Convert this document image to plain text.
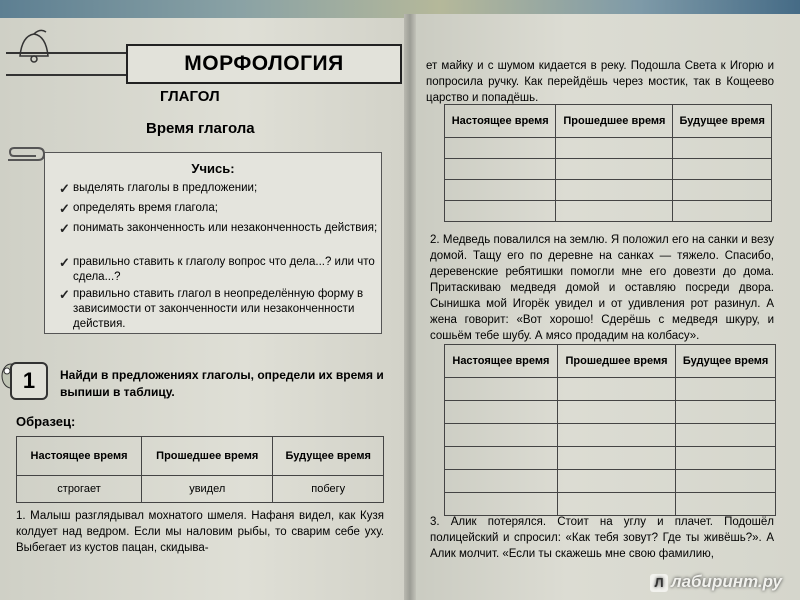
МОРФОЛОГИЯ
ГЛАГОЛ
Время глагола
Учись:
✓ выделять глаголы в предложении;
✓ определять время глагола;
✓ понимать законченность или незаконченность действия;
✓ правильно ставить к глаголу вопрос что дела...? или что сдела...?
✓ правильно ставить глагол в неопределённую форму в зависимости от законченности или незаконченности действия.
1	Найди в предложениях глаголы, определи их время и выпиши в таблицу.
Образец:
Настоящее время	Прошедшее время	Будущее время
строгает	увидел	побегу
1. Малыш разглядывал мохнатого шмеля. Нафаня видел, как Кузя колдует над ведром. Если мы наловим рыбы, то сварим себе уху. Выбегает из кустов пацан, скидыва-
ет майку и с шумом кидается в реку. Подошла Света к Игорю и попросила ручку. Как перейдёшь через мостик, так в Кощеево царство и попадёшь.
Настоящее время	Прошедшее время	Будущее время

2. Медведь повалился на землю. Я положил его на санки и везу домой. Тащу его по деревне на санках — тяжело. Спасибо, деревенские ребятишки помогли мне его довезти до дома. Притаскиваю медведя домой и оставляю посреди двора. Сынишка мой Игорёк увидел и от удивления рот разинул. А жена говорит: «Вот хорошо! Сдерёшь с медведя шкуру, и сошьём тебе шубу. А мясо продадим на колбасу».
Настоящее время	Прошедшее время	Будущее время

3. Алик потерялся. Стоит на углу и плачет. Подошёл полицейский и спросил: «Как тебя зовут? Где ты живёшь?». А Алик молчит. «Если ты скажешь мне свою фамилию,
Л лабиринт.ру
